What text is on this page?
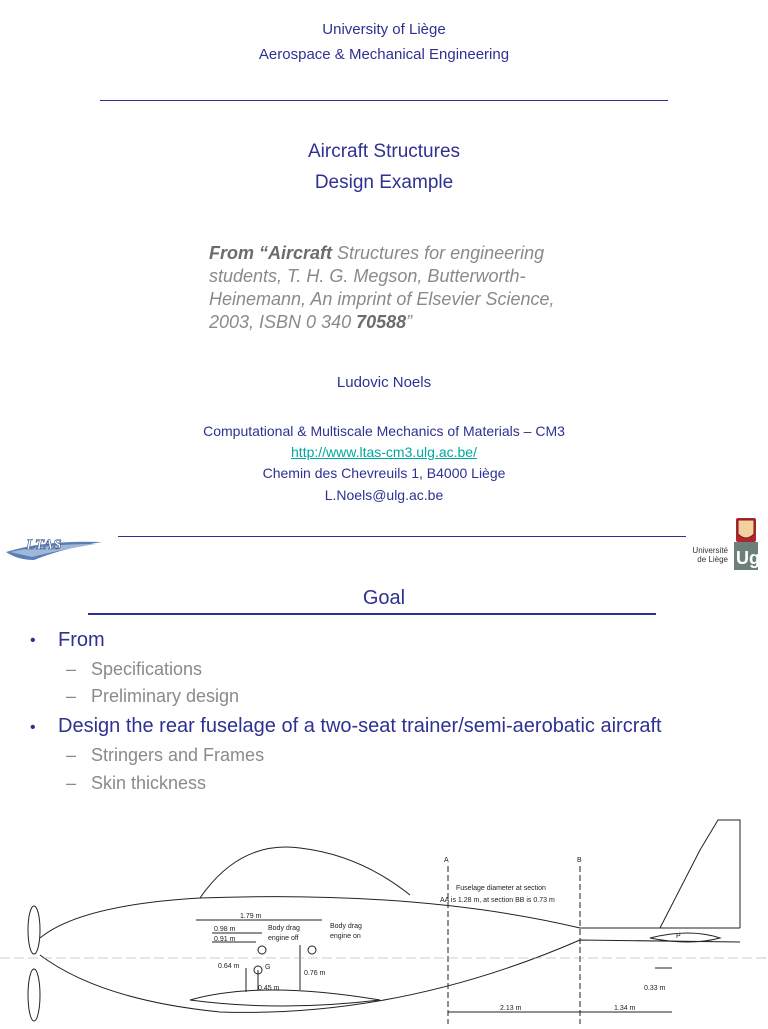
University of Liège
Aerospace & Mechanical Engineering
Aircraft Structures
Design Example
From “Aircraft Structures for engineering students, T. H. G. Megson, Butterworth-Heinemann, An imprint of Elsevier Science, 2003, ISBN 0 340 70588”
Ludovic Noels
Computational & Multiscale Mechanics of Materials – CM3
http://www.ltas-cm3.ulg.ac.be/
Chemin des Chevreuils 1, B4000 Liège
L.Noels@ulg.ac.be
LTAS	Université
de Liège Ug
Goal
• From
– Specifications
– Preliminary design
• Design the rear fuselage of a two-seat trainer/semi-aerobatic aircraft
– Stringers and Frames
– Skin thickness
A	B
Fuselage diameter at section
AA is 1.28 m, at section BB is 0.73 m
Body drag
engine off
Body drag
engine on
1.79 m
0.98 m
0.91 m
0.64 m
0.45 m
0.76 m
2.13 m	1.34 m
0.33 m
G
P
